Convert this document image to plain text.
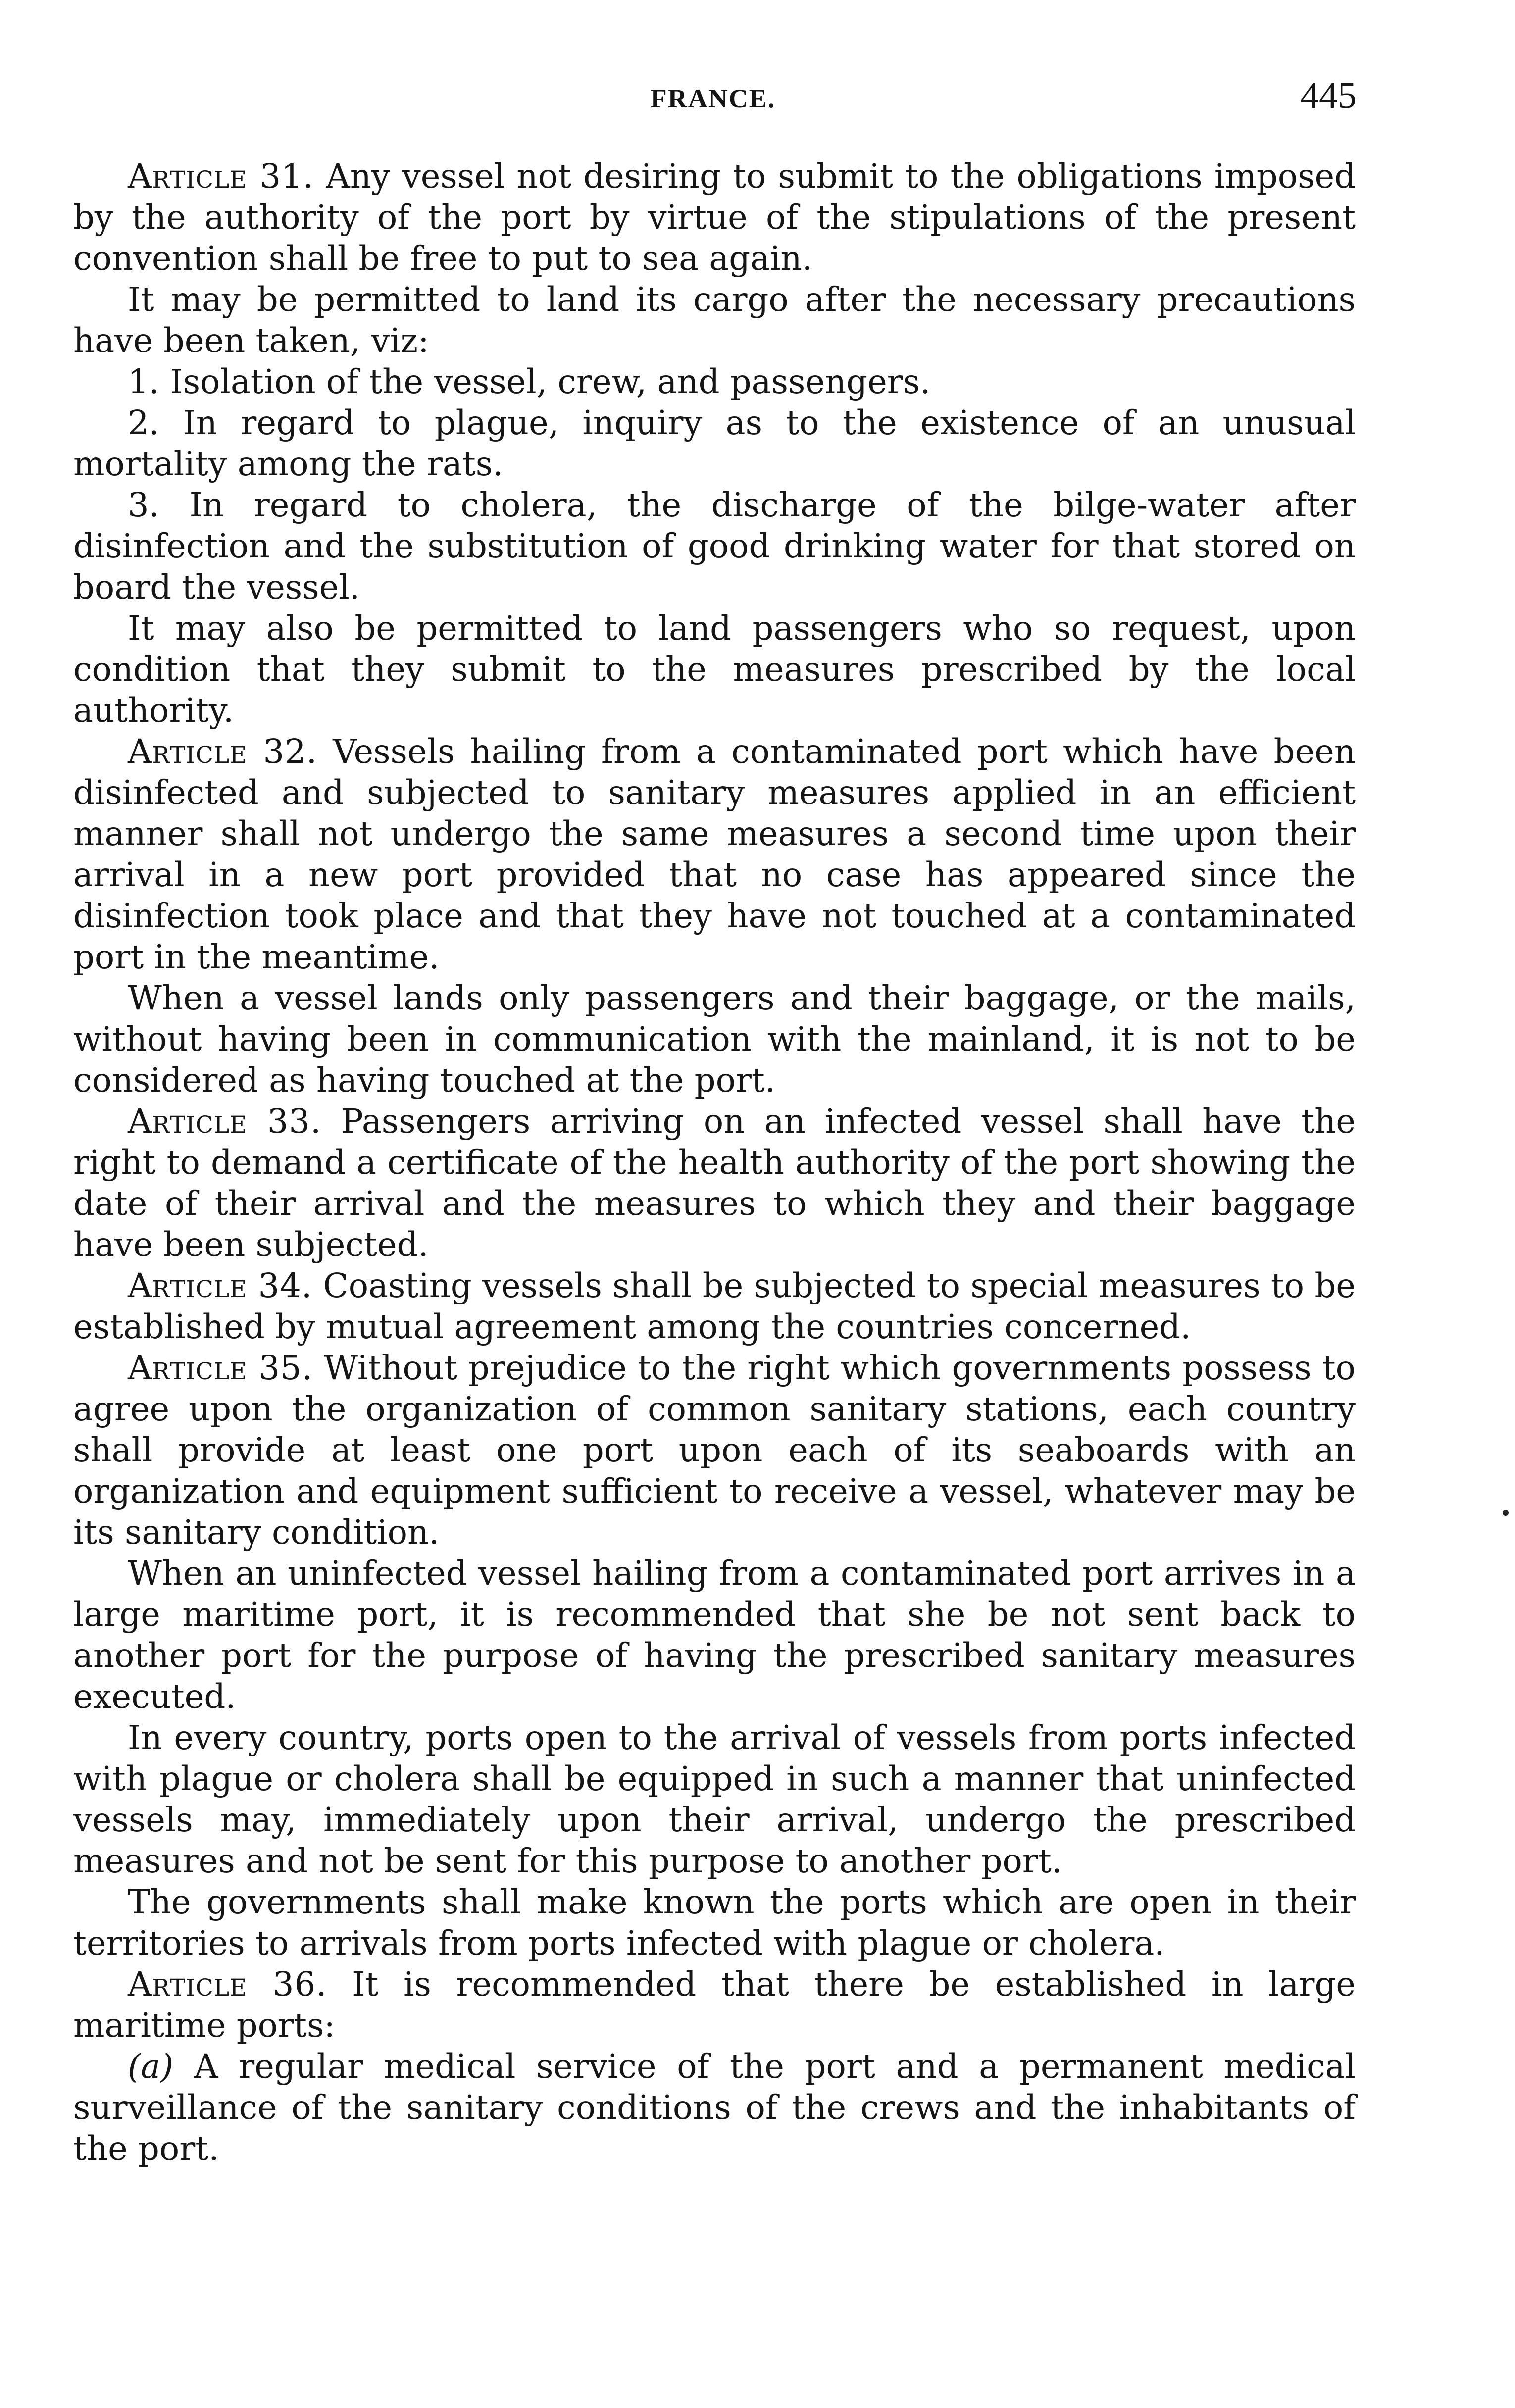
FRANCE.	445

Article 31. Any vessel not desiring to submit to the obligations imposed by the authority of the port by virtue of the stipulations of the present convention shall be free to put to sea again.

It may be permitted to land its cargo after the necessary precautions have been taken, viz:

1. Isolation of the vessel, crew, and passengers.

2. In regard to plague, inquiry as to the existence of an unusual mortality among the rats.

3. In regard to cholera, the discharge of the bilge-water after disinfection and the substitution of good drinking water for that stored on board the vessel.

It may also be permitted to land passengers who so request, upon condition that they submit to the measures prescribed by the local authority.

Article 32. Vessels hailing from a contaminated port which have been disinfected and subjected to sanitary measures applied in an efficient manner shall not undergo the same measures a second time upon their arrival in a new port provided that no case has appeared since the disinfection took place and that they have not touched at a contaminated port in the meantime.

When a vessel lands only passengers and their baggage, or the mails, without having been in communication with the mainland, it is not to be considered as having touched at the port.

Article 33. Passengers arriving on an infected vessel shall have the right to demand a certificate of the health authority of the port showing the date of their arrival and the measures to which they and their baggage have been subjected.

Article 34. Coasting vessels shall be subjected to special measures to be established by mutual agreement among the countries concerned.

Article 35. Without prejudice to the right which governments possess to agree upon the organization of common sanitary stations, each country shall provide at least one port upon each of its seaboards with an organization and equipment sufficient to receive a vessel, whatever may be its sanitary condition.

When an uninfected vessel hailing from a contaminated port arrives in a large maritime port, it is recommended that she be not sent back to another port for the purpose of having the prescribed sanitary measures executed.

In every country, ports open to the arrival of vessels from ports infected with plague or cholera shall be equipped in such a manner that uninfected vessels may, immediately upon their arrival, undergo the prescribed measures and not be sent for this purpose to another port.

The governments shall make known the ports which are open in their territories to arrivals from ports infected with plague or cholera.

Article 36. It is recommended that there be established in large maritime ports:

(a) A regular medical service of the port and a permanent medical surveillance of the sanitary conditions of the crews and the inhabitants of the port.
